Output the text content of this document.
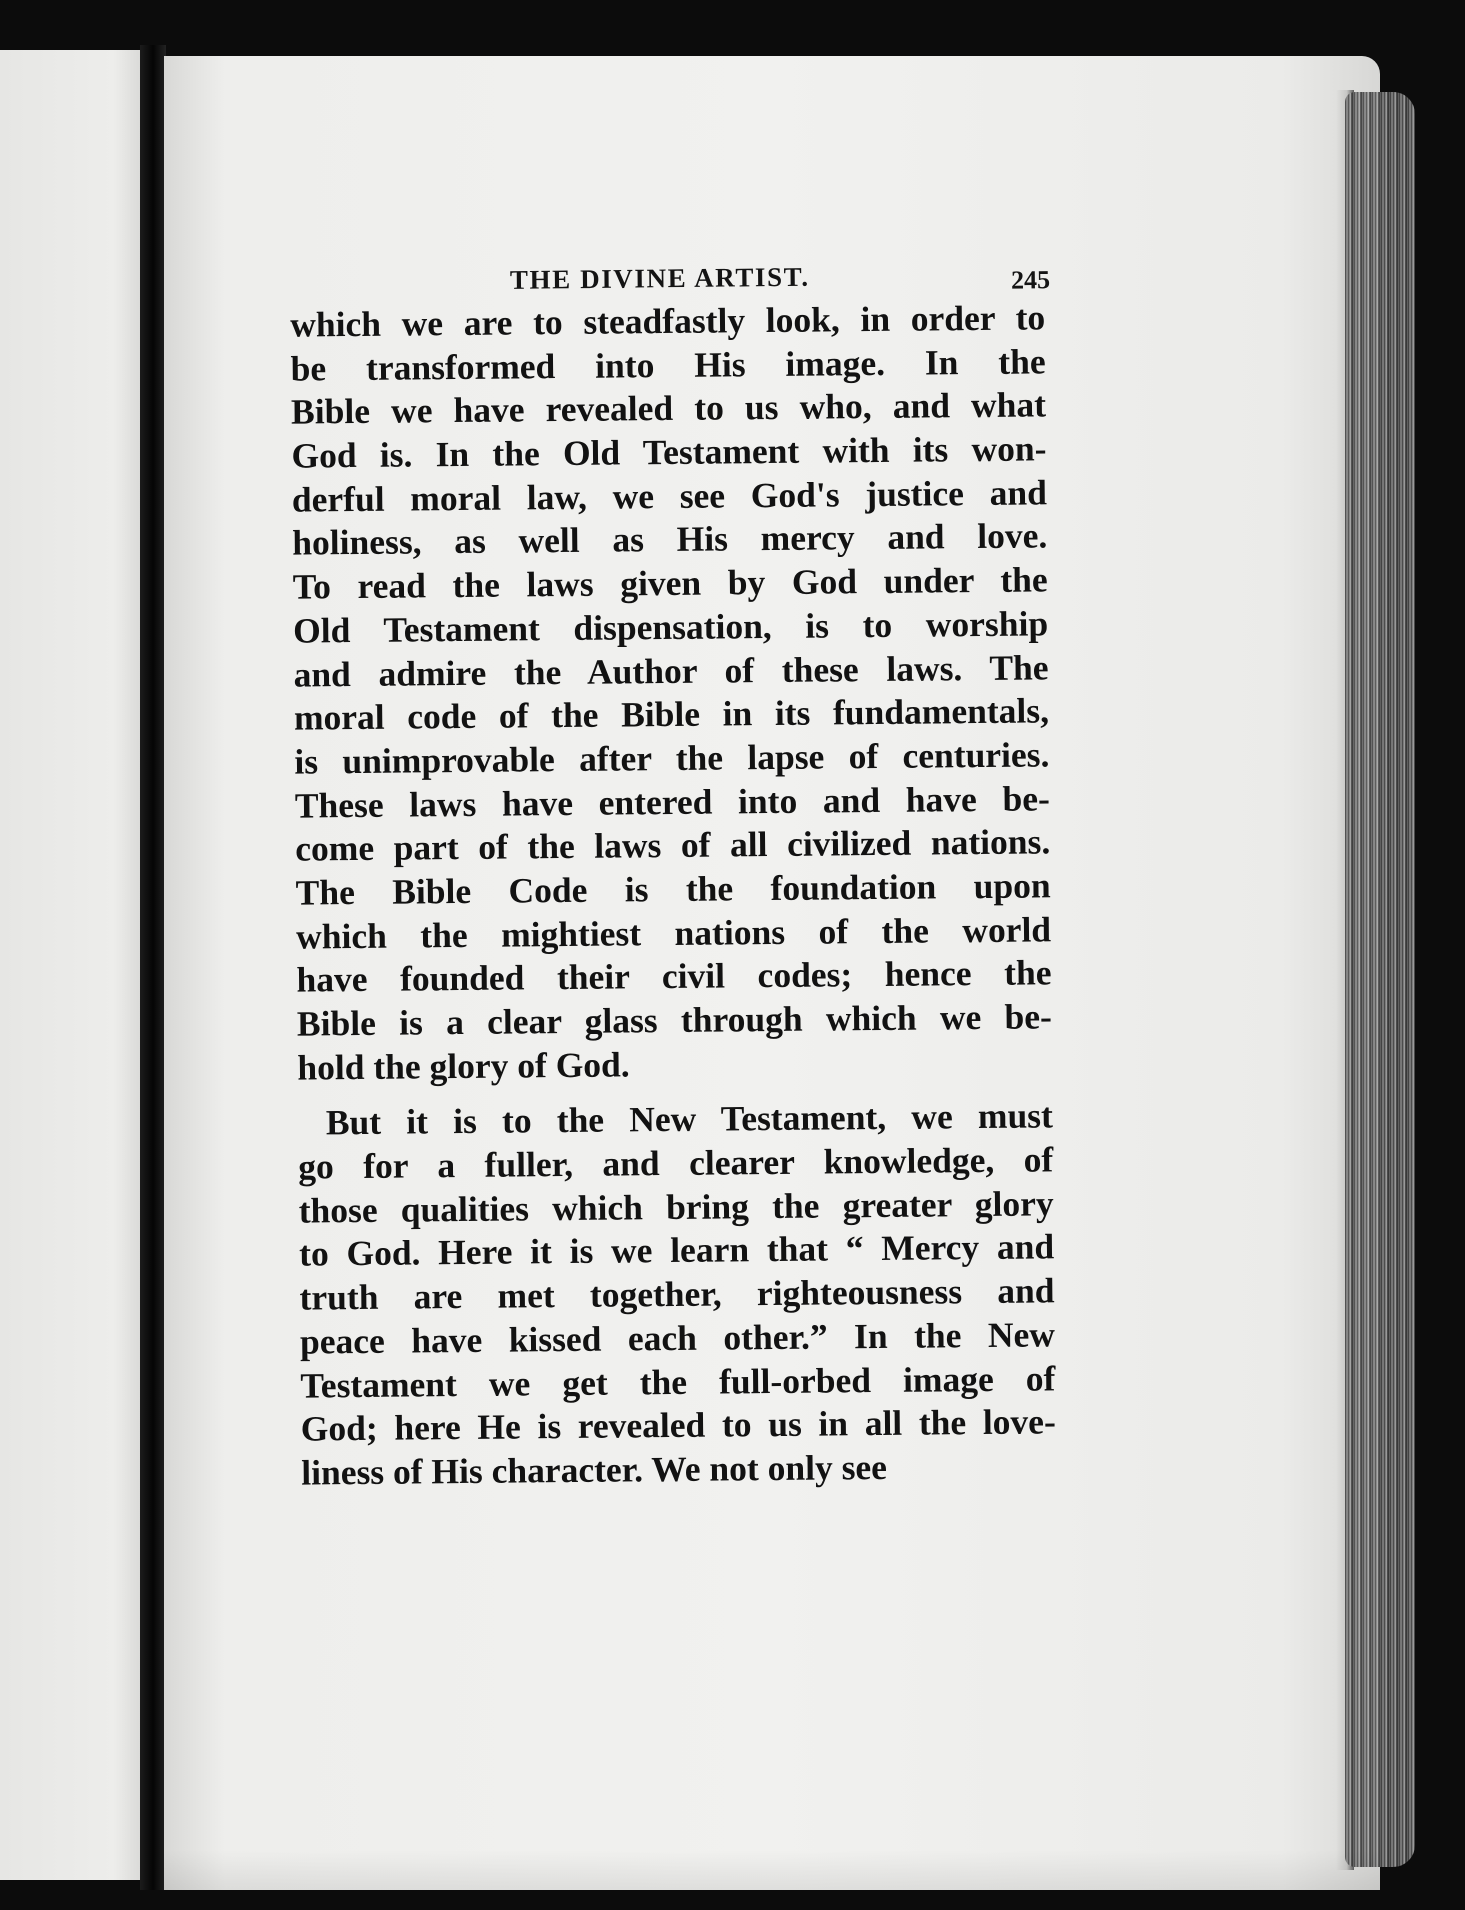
THE DIVINE ARTIST.	245
which we are to steadfastly look, in order to
be transformed into His image. In the
Bible we have revealed to us who, and what
God is. In the Old Testament with its won-
derful moral law, we see God's justice and
holiness, as well as His mercy and love.
To read the laws given by God under the
Old Testament dispensation, is to worship
and admire the Author of these laws. The
moral code of the Bible in its fundamentals,
is unimprovable after the lapse of centuries.
These laws have entered into and have be-
come part of the laws of all civilized nations.
The Bible Code is the foundation upon
which the mightiest nations of the world
have founded their civil codes; hence the
Bible is a clear glass through which we be-
hold the glory of God.
But it is to the New Testament, we must
go for a fuller, and clearer knowledge, of
those qualities which bring the greater glory
to God. Here it is we learn that “ Mercy and
truth are met together, righteousness and
peace have kissed each other.” In the New
Testament we get the full-orbed image of
God; here He is revealed to us in all the love-
liness of His character. We not only see
